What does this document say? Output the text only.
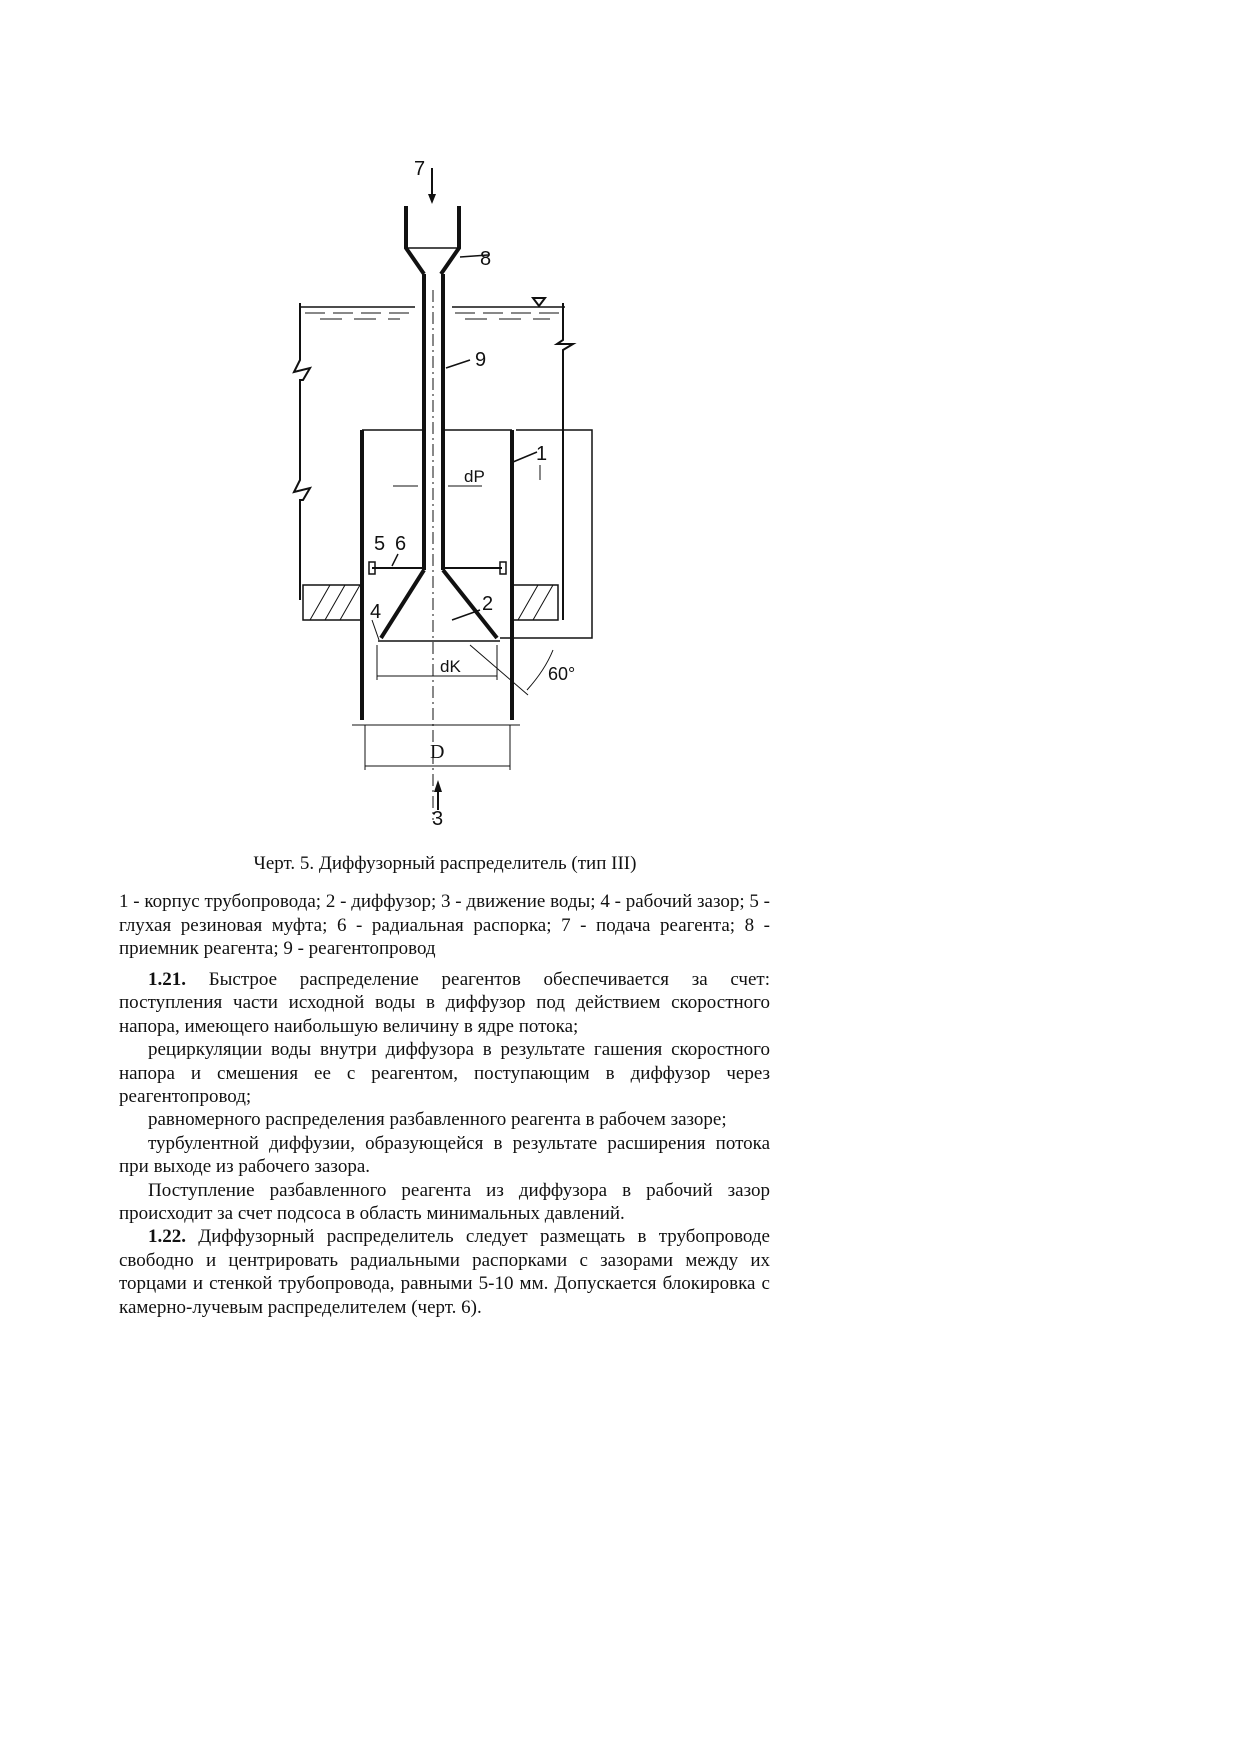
7
8
9
1
5 6
2
4
dP
dK	60°
D
3
Черт. 5. Диффузорный распределитель (тип III)
1 - корпус трубопровода; 2 - диффузор; 3 - движение воды; 4 - рабочий зазор; 5 - глухая резиновая муфта; 6 - радиальная распорка; 7 - подача реагента; 8 - приемник реагента; 9 - реагентопровод

1.21. Быстрое распределение реагентов обеспечивается за счет: поступления части исходной воды в диффузор под действием скоростного напора, имеющего наибольшую величину в ядре потока;

рециркуляции воды внутри диффузора в результате гашения скоростного напора и смешения ее с реагентом, поступающим в диффузор через реагентопровод;

равномерного распределения разбавленного реагента в рабочем зазоре;

турбулентной диффузии, образующейся в результате расширения потока при выходе из рабочего зазора.

Поступление разбавленного реагента из диффузора в рабочий зазор происходит за счет подсоса в область минимальных давлений.

1.22. Диффузорный распределитель следует размещать в трубопроводе свободно и центрировать радиальными распорками с зазорами между их торцами и стенкой трубопровода, равными 5-10 мм. Допускается блокировка с камерно-лучевым распределителем (черт. 6).
